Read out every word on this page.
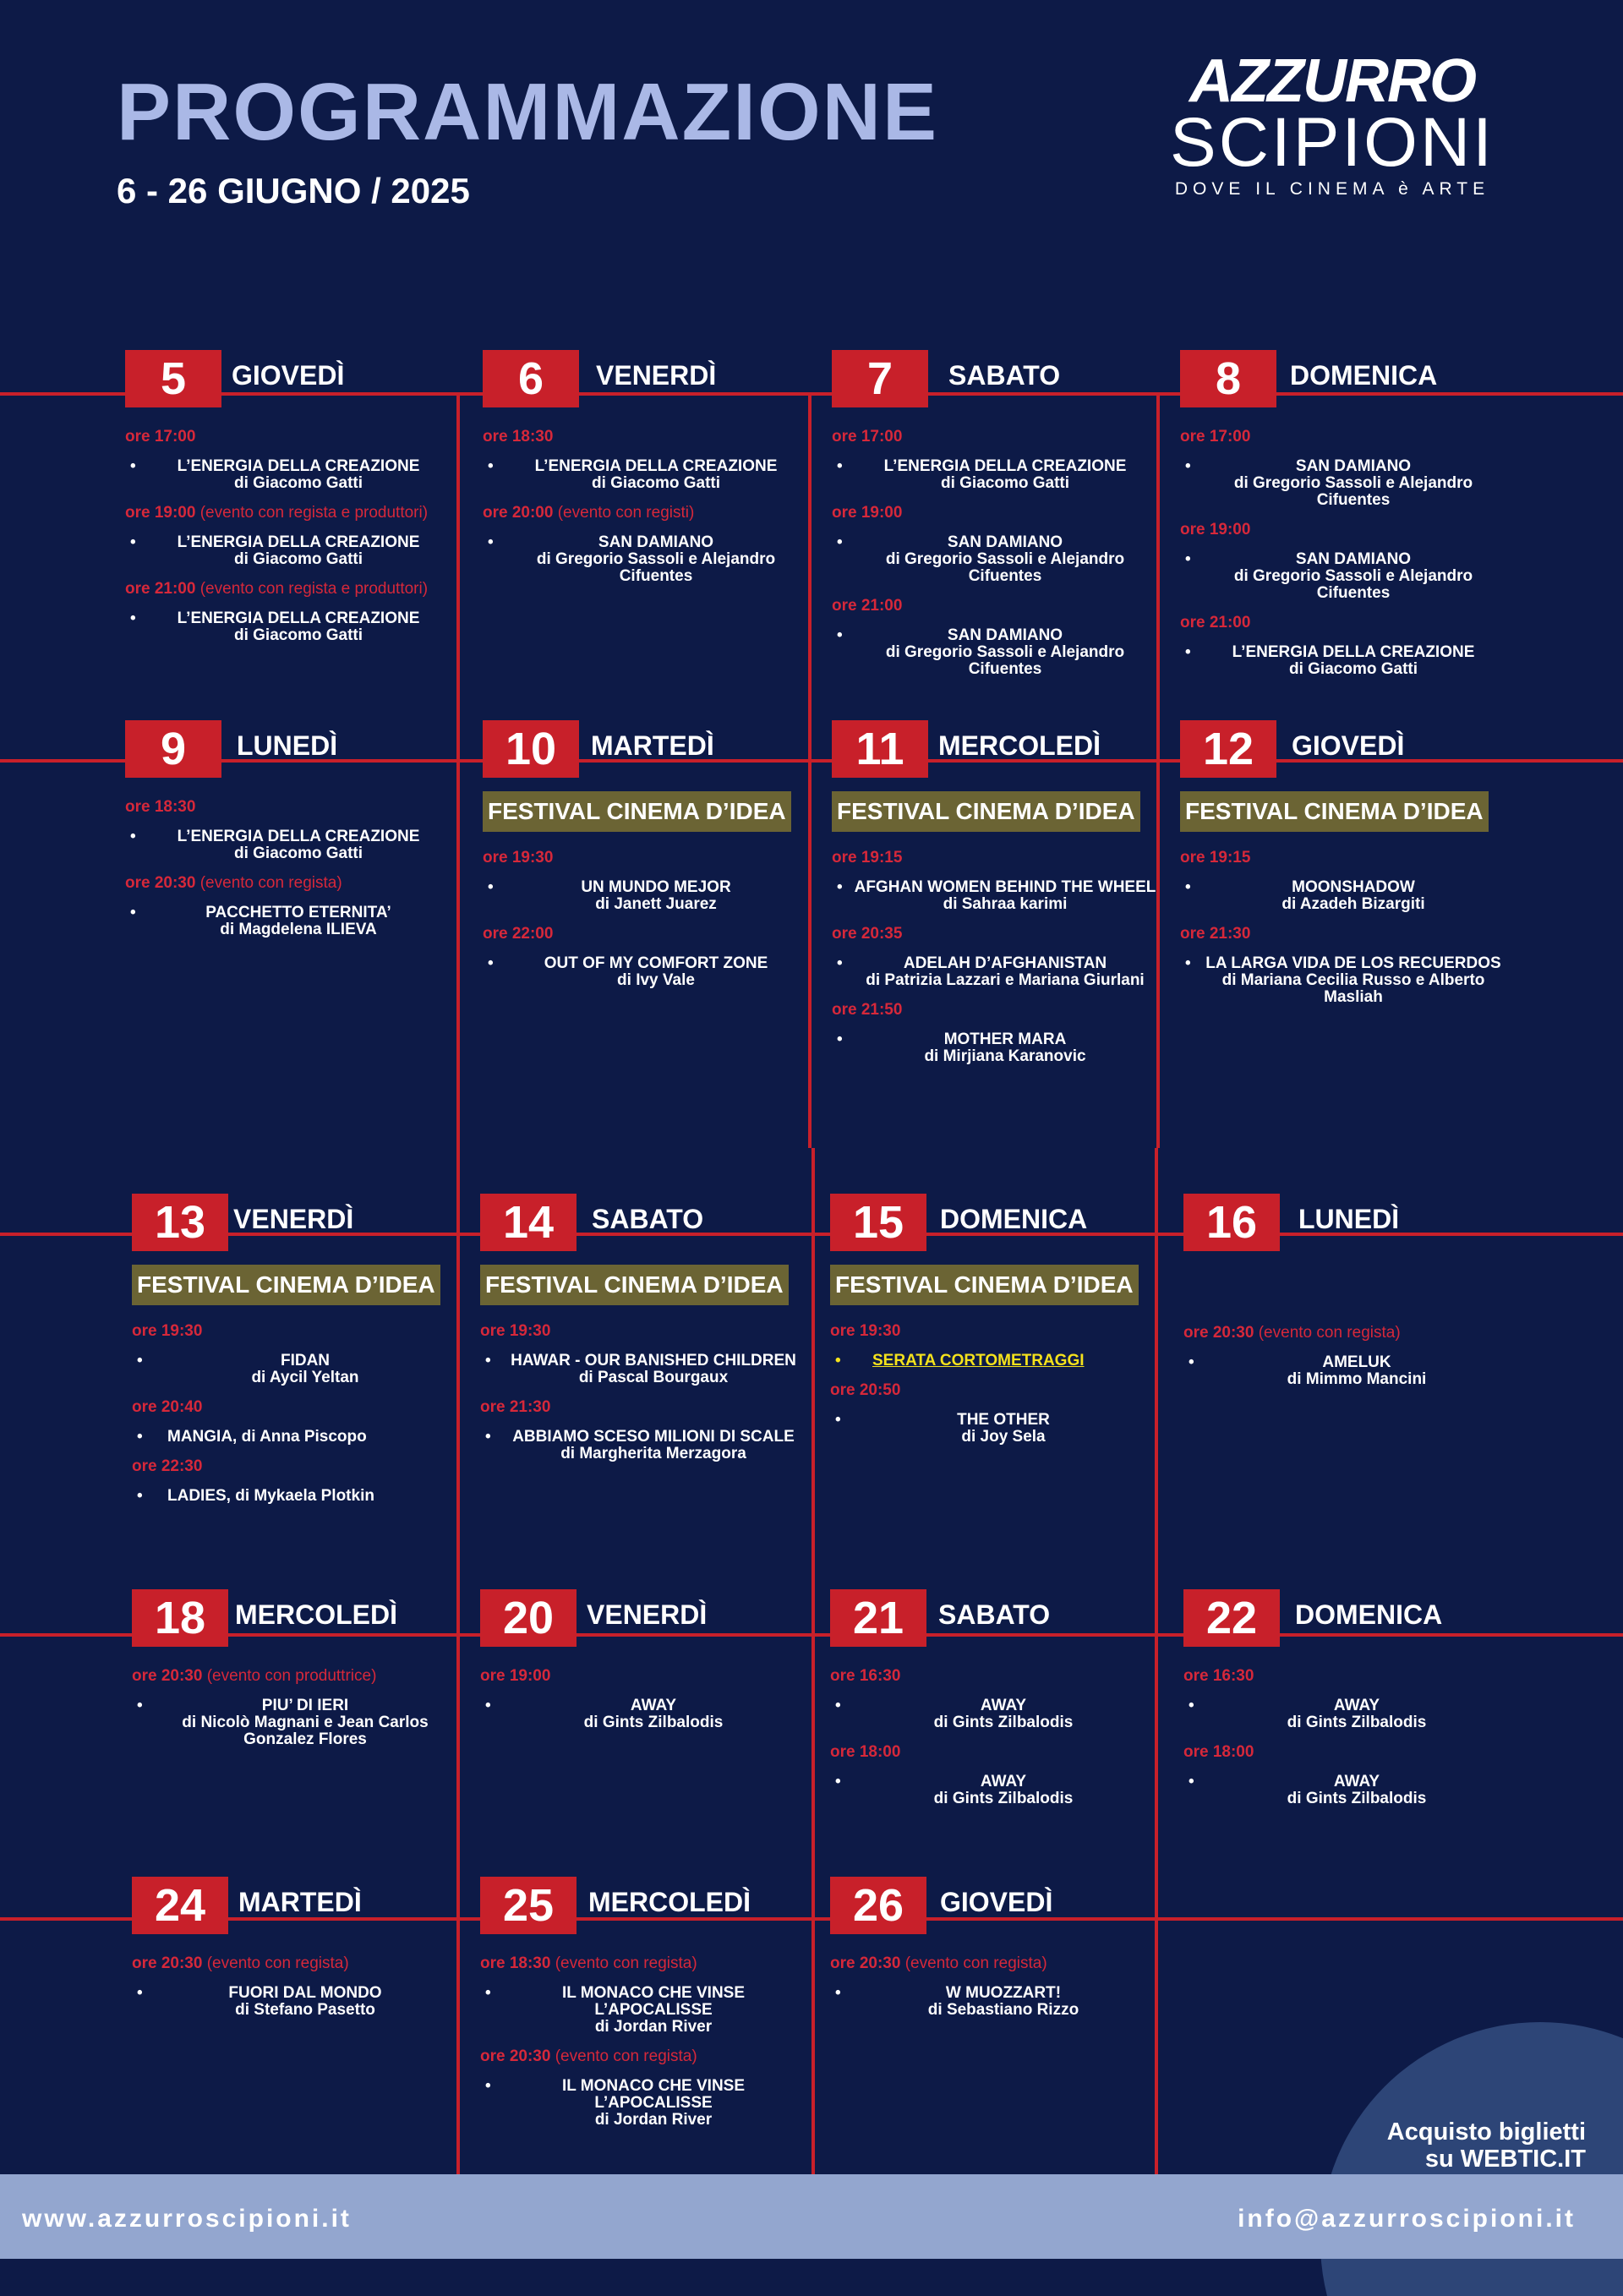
PROGRAMMAZIONE
6 - 26 GIUGNO / 2025
AZZURRO
SCIPIONI
DOVE IL CINEMA è ARTE
5	GIOVEDÌ
ore 17:00
• L’ENERGIA DELLA CREAZIONE
di Giacomo Gatti
ore 19:00 (evento con regista e produttori)
• L’ENERGIA DELLA CREAZIONE
di Giacomo Gatti
ore 21:00 (evento con regista e produttori)
• L’ENERGIA DELLA CREAZIONE
di Giacomo Gatti
6	VENERDÌ
ore 18:30
• L’ENERGIA DELLA CREAZIONE
di Giacomo Gatti
ore 20:00 (evento con registi)
• SAN DAMIANO
di Gregorio Sassoli e Alejandro Cifuentes
7	SABATO
ore 17:00
• L’ENERGIA DELLA CREAZIONE
di Giacomo Gatti
ore 19:00
• SAN DAMIANO
di Gregorio Sassoli e Alejandro Cifuentes
ore 21:00
• SAN DAMIANO
di Gregorio Sassoli e Alejandro Cifuentes
8	DOMENICA
ore 17:00
• SAN DAMIANO
di Gregorio Sassoli e Alejandro Cifuentes
ore 19:00
• SAN DAMIANO
di Gregorio Sassoli e Alejandro Cifuentes
ore 21:00
• L’ENERGIA DELLA CREAZIONE
di Giacomo Gatti
9	LUNEDÌ
ore 18:30
• L’ENERGIA DELLA CREAZIONE
di Giacomo Gatti
ore 20:30 (evento con regista)
• PACCHETTO ETERNITA’
di Magdelena ILIEVA
10	MARTEDÌ
FESTIVAL CINEMA D’IDEA
ore 19:30
• UN MUNDO MEJOR
di Janett Juarez
ore 22:00
• OUT OF MY COMFORT ZONE
di Ivy Vale
11	MERCOLEDÌ
FESTIVAL CINEMA D’IDEA
ore 19:15
• AFGHAN WOMEN BEHIND THE WHEEL
di Sahraa karimi
ore 20:35
• ADELAH D’AFGHANISTAN
di Patrizia Lazzari e Mariana Giurlani
ore 21:50
• MOTHER MARA
di Mirjiana Karanovic
12	GIOVEDÌ
FESTIVAL CINEMA D’IDEA
ore 19:15
• MOONSHADOW
di Azadeh Bizargiti
ore 21:30
• LA LARGA VIDA DE LOS RECUERDOS
di Mariana Cecilia Russo e Alberto Masliah
13	VENERDÌ
FESTIVAL CINEMA D’IDEA
ore 19:30
• FIDAN
di Aycil Yeltan
ore 20:40
• MANGIA, di Anna Piscopo
ore 22:30
• LADIES, di Mykaela Plotkin
14	SABATO
FESTIVAL CINEMA D’IDEA
ore 19:30
• HAWAR - OUR BANISHED CHILDREN
di Pascal Bourgaux
ore 21:30
• ABBIAMO SCESO MILIONI DI SCALE
di Margherita Merzagora
15	DOMENICA
FESTIVAL CINEMA D’IDEA
ore 19:30
• SERATA CORTOMETRAGGI
ore 20:50
• THE OTHER
di Joy Sela
16	LUNEDÌ
ore 20:30 (evento con regista)
• AMELUK
di Mimmo Mancini
18	MERCOLEDÌ
ore 20:30 (evento con produttrice)
• PIU’ DI IERI
di Nicolò Magnani e Jean Carlos Gonzalez Flores
20	VENERDÌ
ore 19:00
• AWAY
di Gints Zilbalodis
21	SABATO
ore 16:30
• AWAY
di Gints Zilbalodis
ore 18:00
• AWAY
di Gints Zilbalodis
22	DOMENICA
ore 16:30
• AWAY
di Gints Zilbalodis
ore 18:00
• AWAY
di Gints Zilbalodis
24	MARTEDÌ
ore 20:30 (evento con regista)
• FUORI DAL MONDO
di Stefano Pasetto
25	MERCOLEDÌ
ore 18:30 (evento con regista)
• IL MONACO CHE VINSE L’APOCALISSE
di Jordan River
ore 20:30 (evento con regista)
• IL MONACO CHE VINSE L’APOCALISSE
di Jordan River
26	GIOVEDÌ
ore 20:30 (evento con regista)
• W MUOZZART!
di Sebastiano Rizzo
Acquisto biglietti
su WEBTIC.IT
www.azzurroscipioni.it	info@azzurroscipioni.it
